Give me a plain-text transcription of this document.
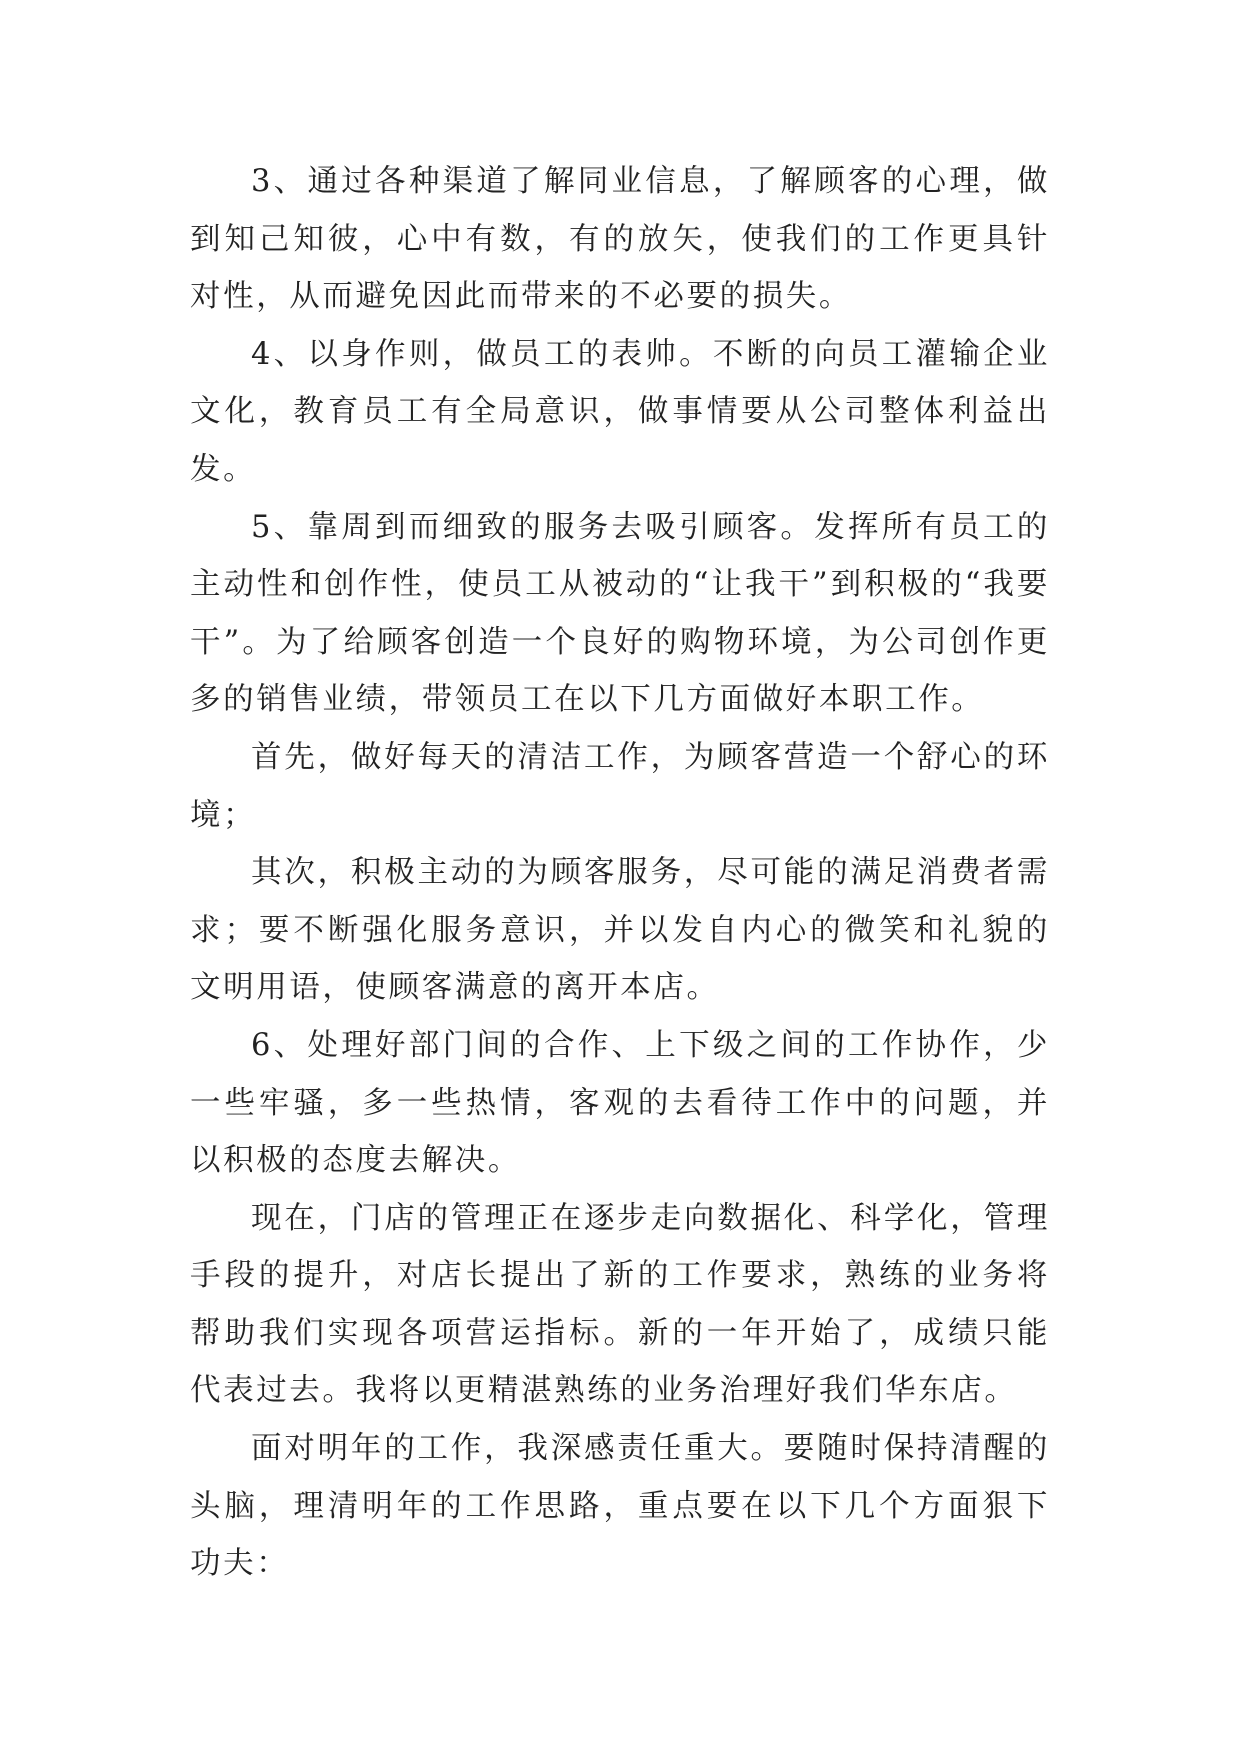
3、通过各种渠道了解同业信息，了解顾客的心理，做到知己知彼，心中有数，有的放矢，使我们的工作更具针对性，从而避免因此而带来的不必要的损失。

4、以身作则，做员工的表帅。不断的向员工灌输企业文化，教育员工有全局意识，做事情要从公司整体利益出发。

5、靠周到而细致的服务去吸引顾客。发挥所有员工的主动性和创作性，使员工从被动的“让我干”到积极的“我要干”。为了给顾客创造一个良好的购物环境，为公司创作更多的销售业绩，带领员工在以下几方面做好本职工作。

首先，做好每天的清洁工作，为顾客营造一个舒心的环境；

其次，积极主动的为顾客服务，尽可能的满足消费者需求；要不断强化服务意识，并以发自内心的微笑和礼貌的文明用语，使顾客满意的离开本店。

6、处理好部门间的合作、上下级之间的工作协作，少一些牢骚，多一些热情，客观的去看待工作中的问题，并以积极的态度去解决。

现在，门店的管理正在逐步走向数据化、科学化，管理手段的提升，对店长提出了新的工作要求，熟练的业务将帮助我们实现各项营运指标。新的一年开始了，成绩只能代表过去。我将以更精湛熟练的业务治理好我们华东店。

面对明年的工作，我深感责任重大。要随时保持清醒的头脑，理清明年的工作思路，重点要在以下几个方面狠下功夫：
